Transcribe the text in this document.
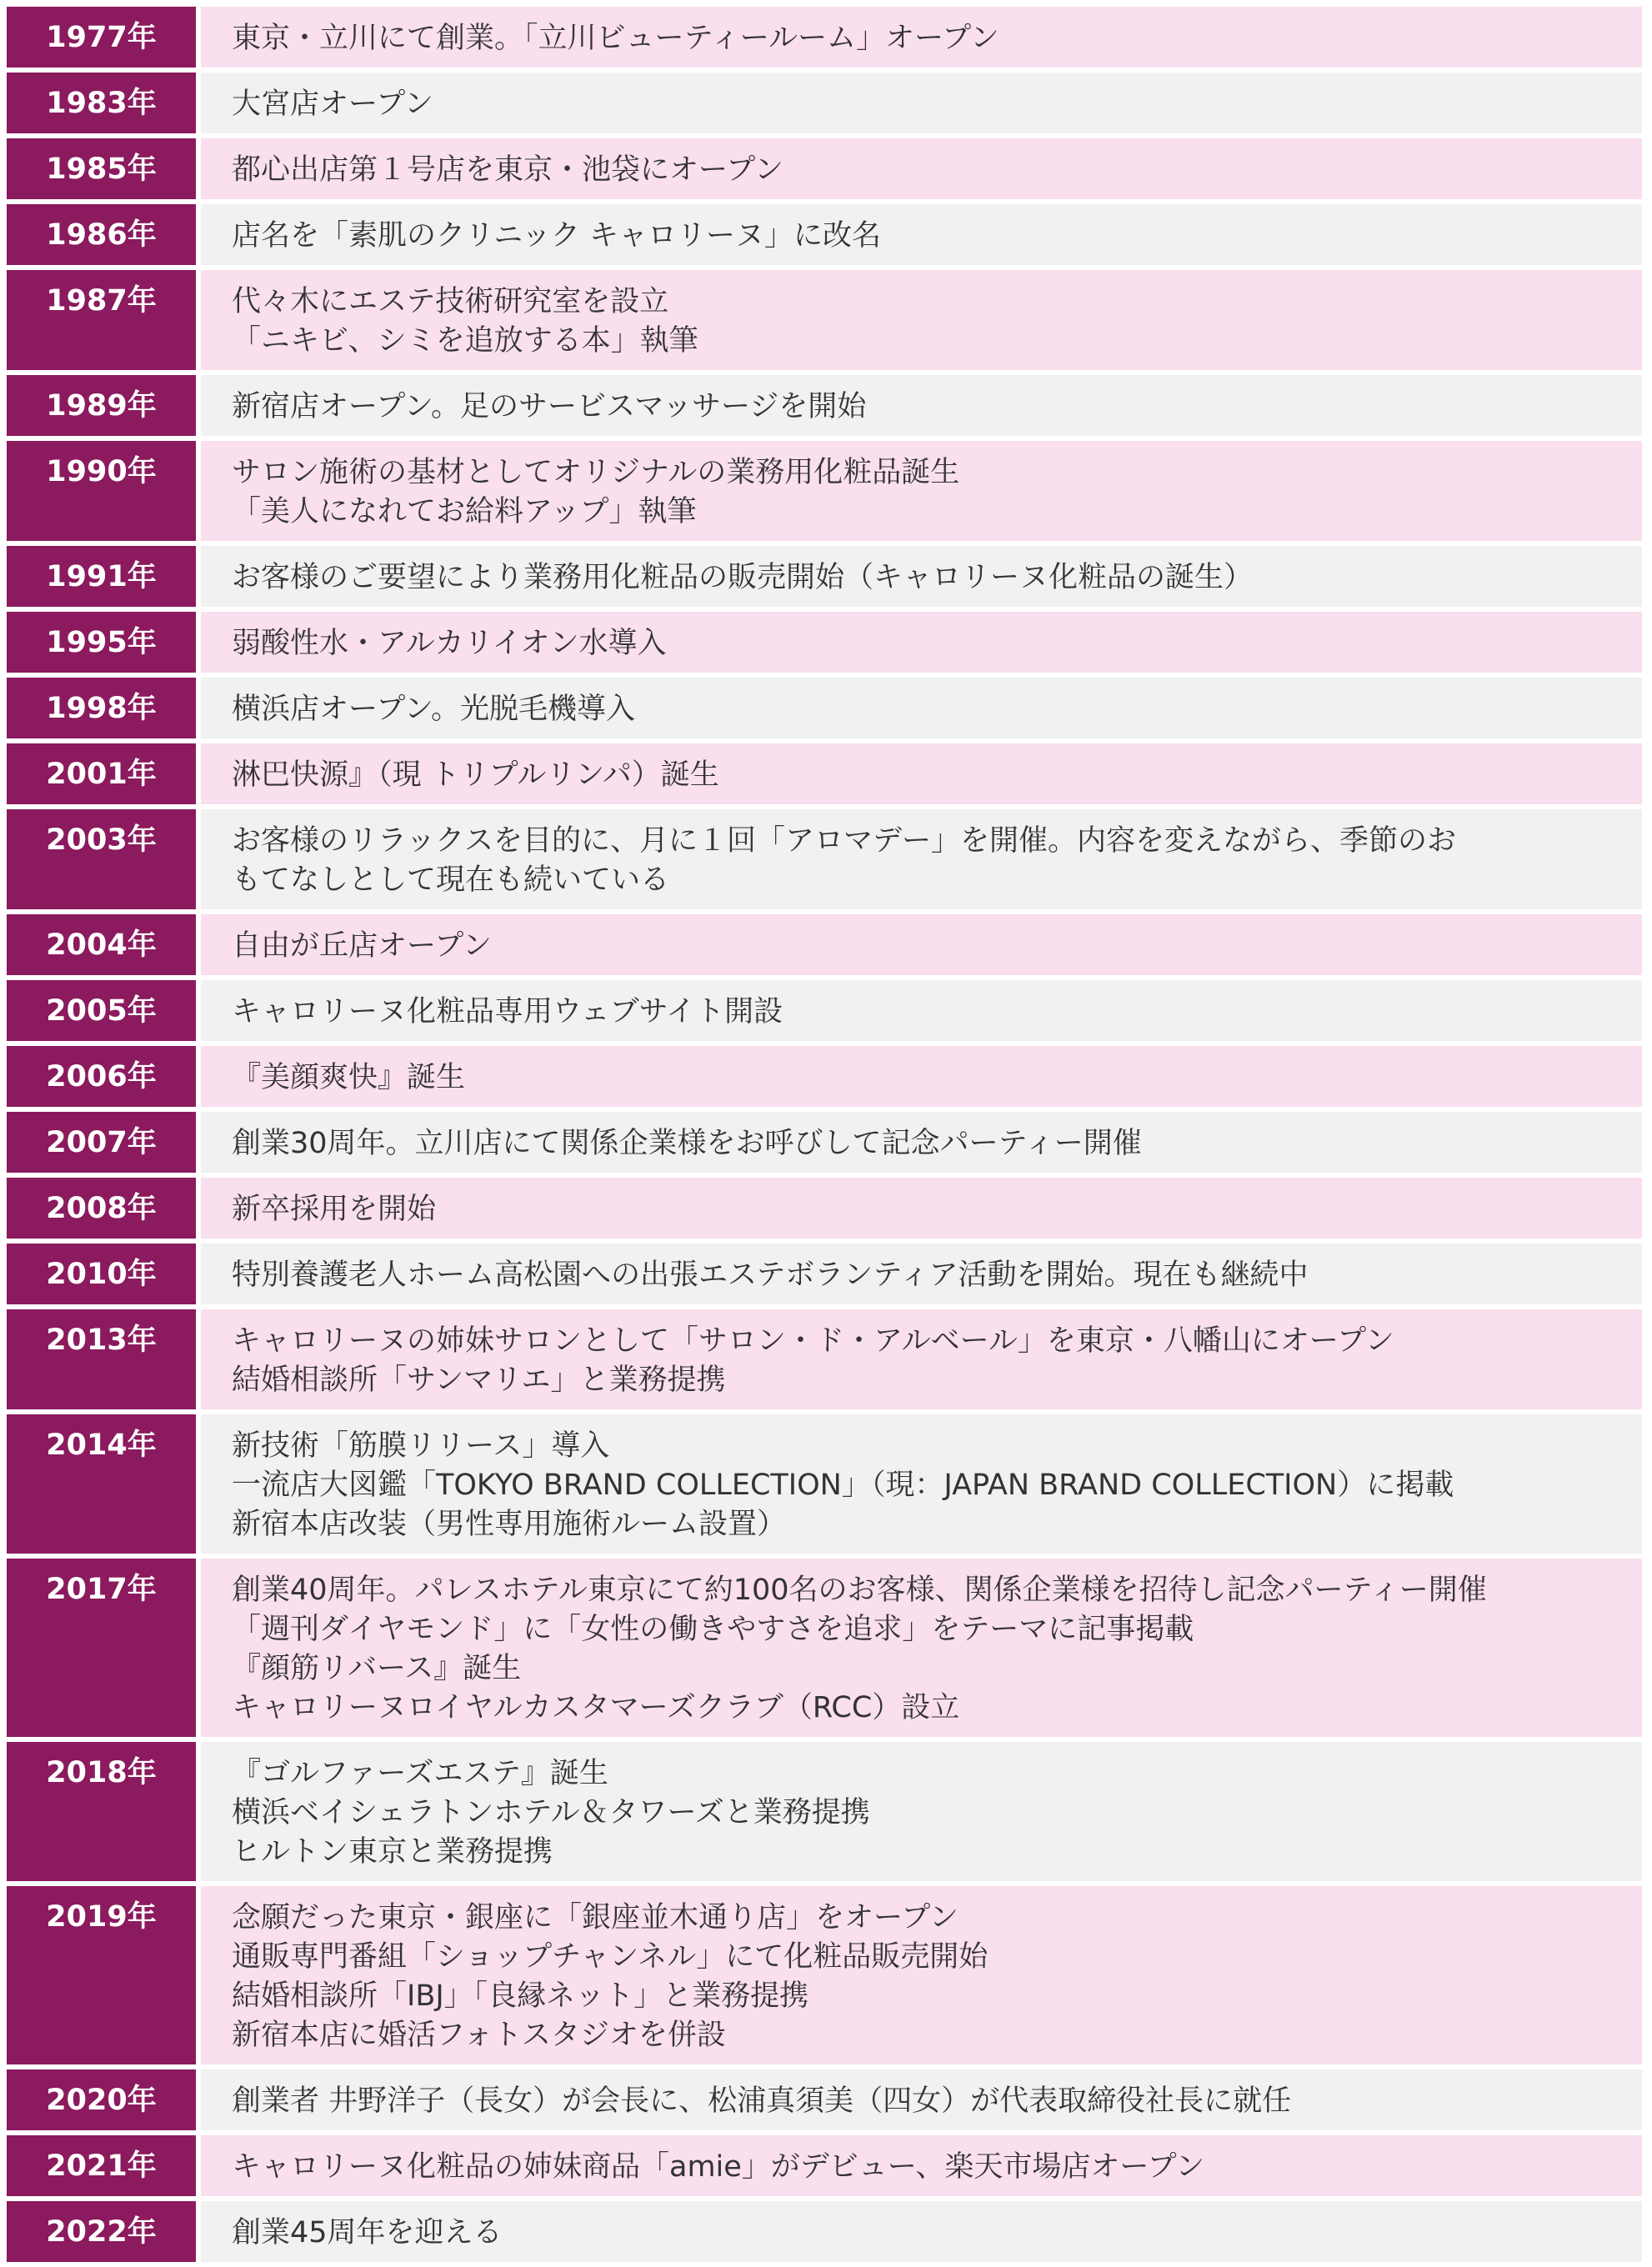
1977年	東京・立川にて創業。「立川ビューティールーム」オープン
1983年	大宮店オープン
1985年	都心出店第１号店を東京・池袋にオープン
1986年	店名を「素肌のクリニック キャロリーヌ」に改名
1987年	代々木にエステ技術研究室を設立
「ニキビ、シミを追放する本」執筆
1989年	新宿店オープン。足のサービスマッサージを開始
1990年	サロン施術の基材としてオリジナルの業務用化粧品誕生
「美人になれてお給料アップ」執筆
1991年	お客様のご要望により業務用化粧品の販売開始（キャロリーヌ化粧品の誕生）
1995年	弱酸性水・アルカリイオン水導入
1998年	横浜店オープン。光脱毛機導入
2001年	淋巴快源』（現 トリプルリンパ）誕生
2003年	お客様のリラックスを目的に、月に１回「アロマデー」を開催。内容を変えながら、季節のお
もてなしとして現在も続いている
2004年	自由が丘店オープン
2005年	キャロリーヌ化粧品専用ウェブサイト開設
2006年	『美顔爽快』誕生
2007年	創業30周年。立川店にて関係企業様をお呼びして記念パーティー開催
2008年	新卒採用を開始
2010年	特別養護老人ホーム高松園への出張エステボランティア活動を開始。現在も継続中
2013年	キャロリーヌの姉妹サロンとして「サロン・ド・アルベール」を東京・八幡山にオープン
結婚相談所「サンマリエ」と業務提携
2014年	新技術「筋膜リリース」導入
一流店大図鑑「TOKYO BRAND COLLECTION」（現：JAPAN BRAND COLLECTION）に掲載
新宿本店改装（男性専用施術ルーム設置）
2017年	創業40周年。パレスホテル東京にて約100名のお客様、関係企業様を招待し記念パーティー開催
「週刊ダイヤモンド」に「女性の働きやすさを追求」をテーマに記事掲載
『顔筋リバース』誕生
キャロリーヌロイヤルカスタマーズクラブ（RCC）設立
2018年	『ゴルファーズエステ』誕生
横浜ベイシェラトンホテル＆タワーズと業務提携
ヒルトン東京と業務提携
2019年	念願だった東京・銀座に「銀座並木通り店」をオープン
通販専門番組「ショップチャンネル」にて化粧品販売開始
結婚相談所「IBJ」「良縁ネット」と業務提携
新宿本店に婚活フォトスタジオを併設
2020年	創業者 井野洋子（長女）が会長に、松浦真須美（四女）が代表取締役社長に就任
2021年	キャロリーヌ化粧品の姉妹商品「amie」がデビュー、楽天市場店オープン
2022年	創業45周年を迎える
